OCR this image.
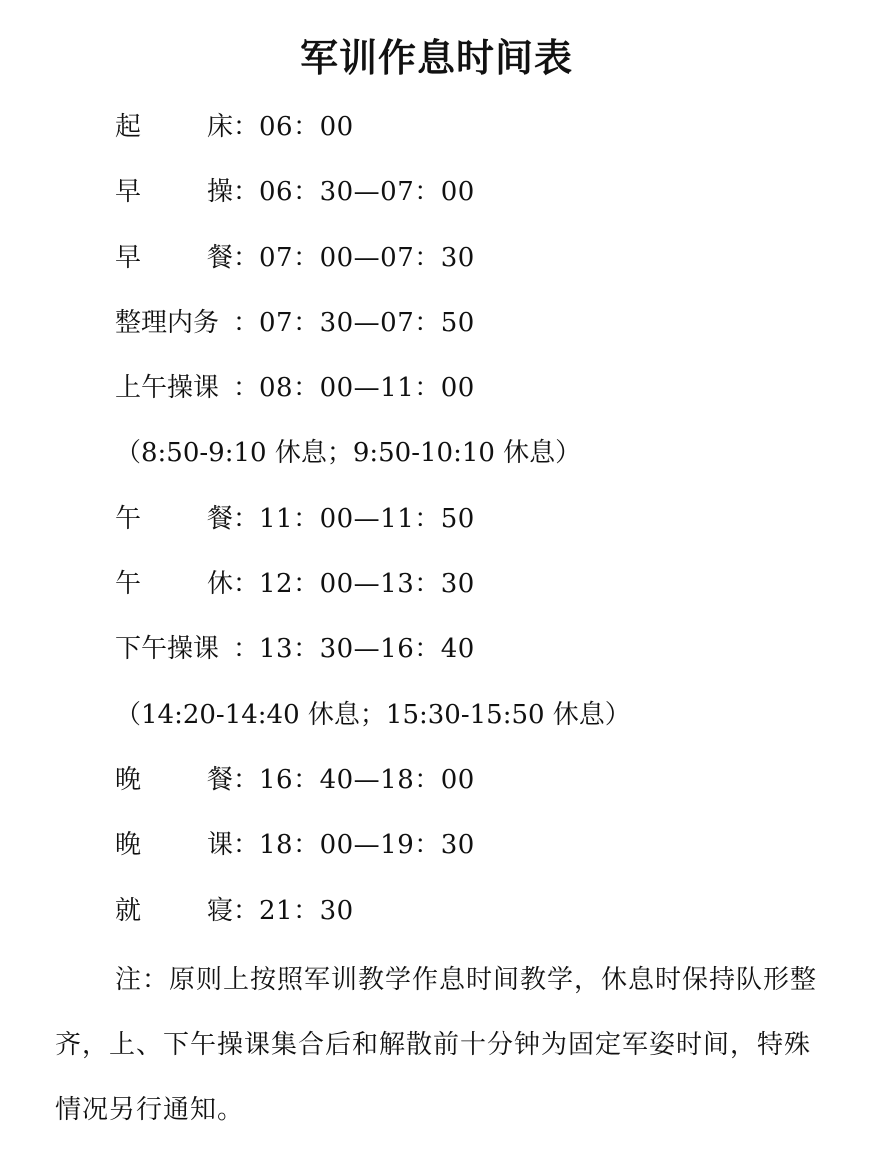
军训作息时间表
起	床 ：06：00
早	操 ：06：30—07：00
早	餐 ：07：00—07：30
整理内务 ：07：30—07：50
上午操课 ：08：00—11：00
（8:50-9:10 休息；9:50-10:10 休息）
午	餐 ：11：00—11：50
午	休 ：12：00—13：30
下午操课 ：13：30—16：40
（14:20-14:40 休息；15:30-15:50 休息）
晚	餐 ：16：40—18：00
晚	课 ：18：00—19：30
就	寝 ：21：30
注：原则上按照军训教学作息时间教学，休息时保持队形整齐，上、下午操课集合后和解散前十分钟为固定军姿时间，特殊情况另行通知。
